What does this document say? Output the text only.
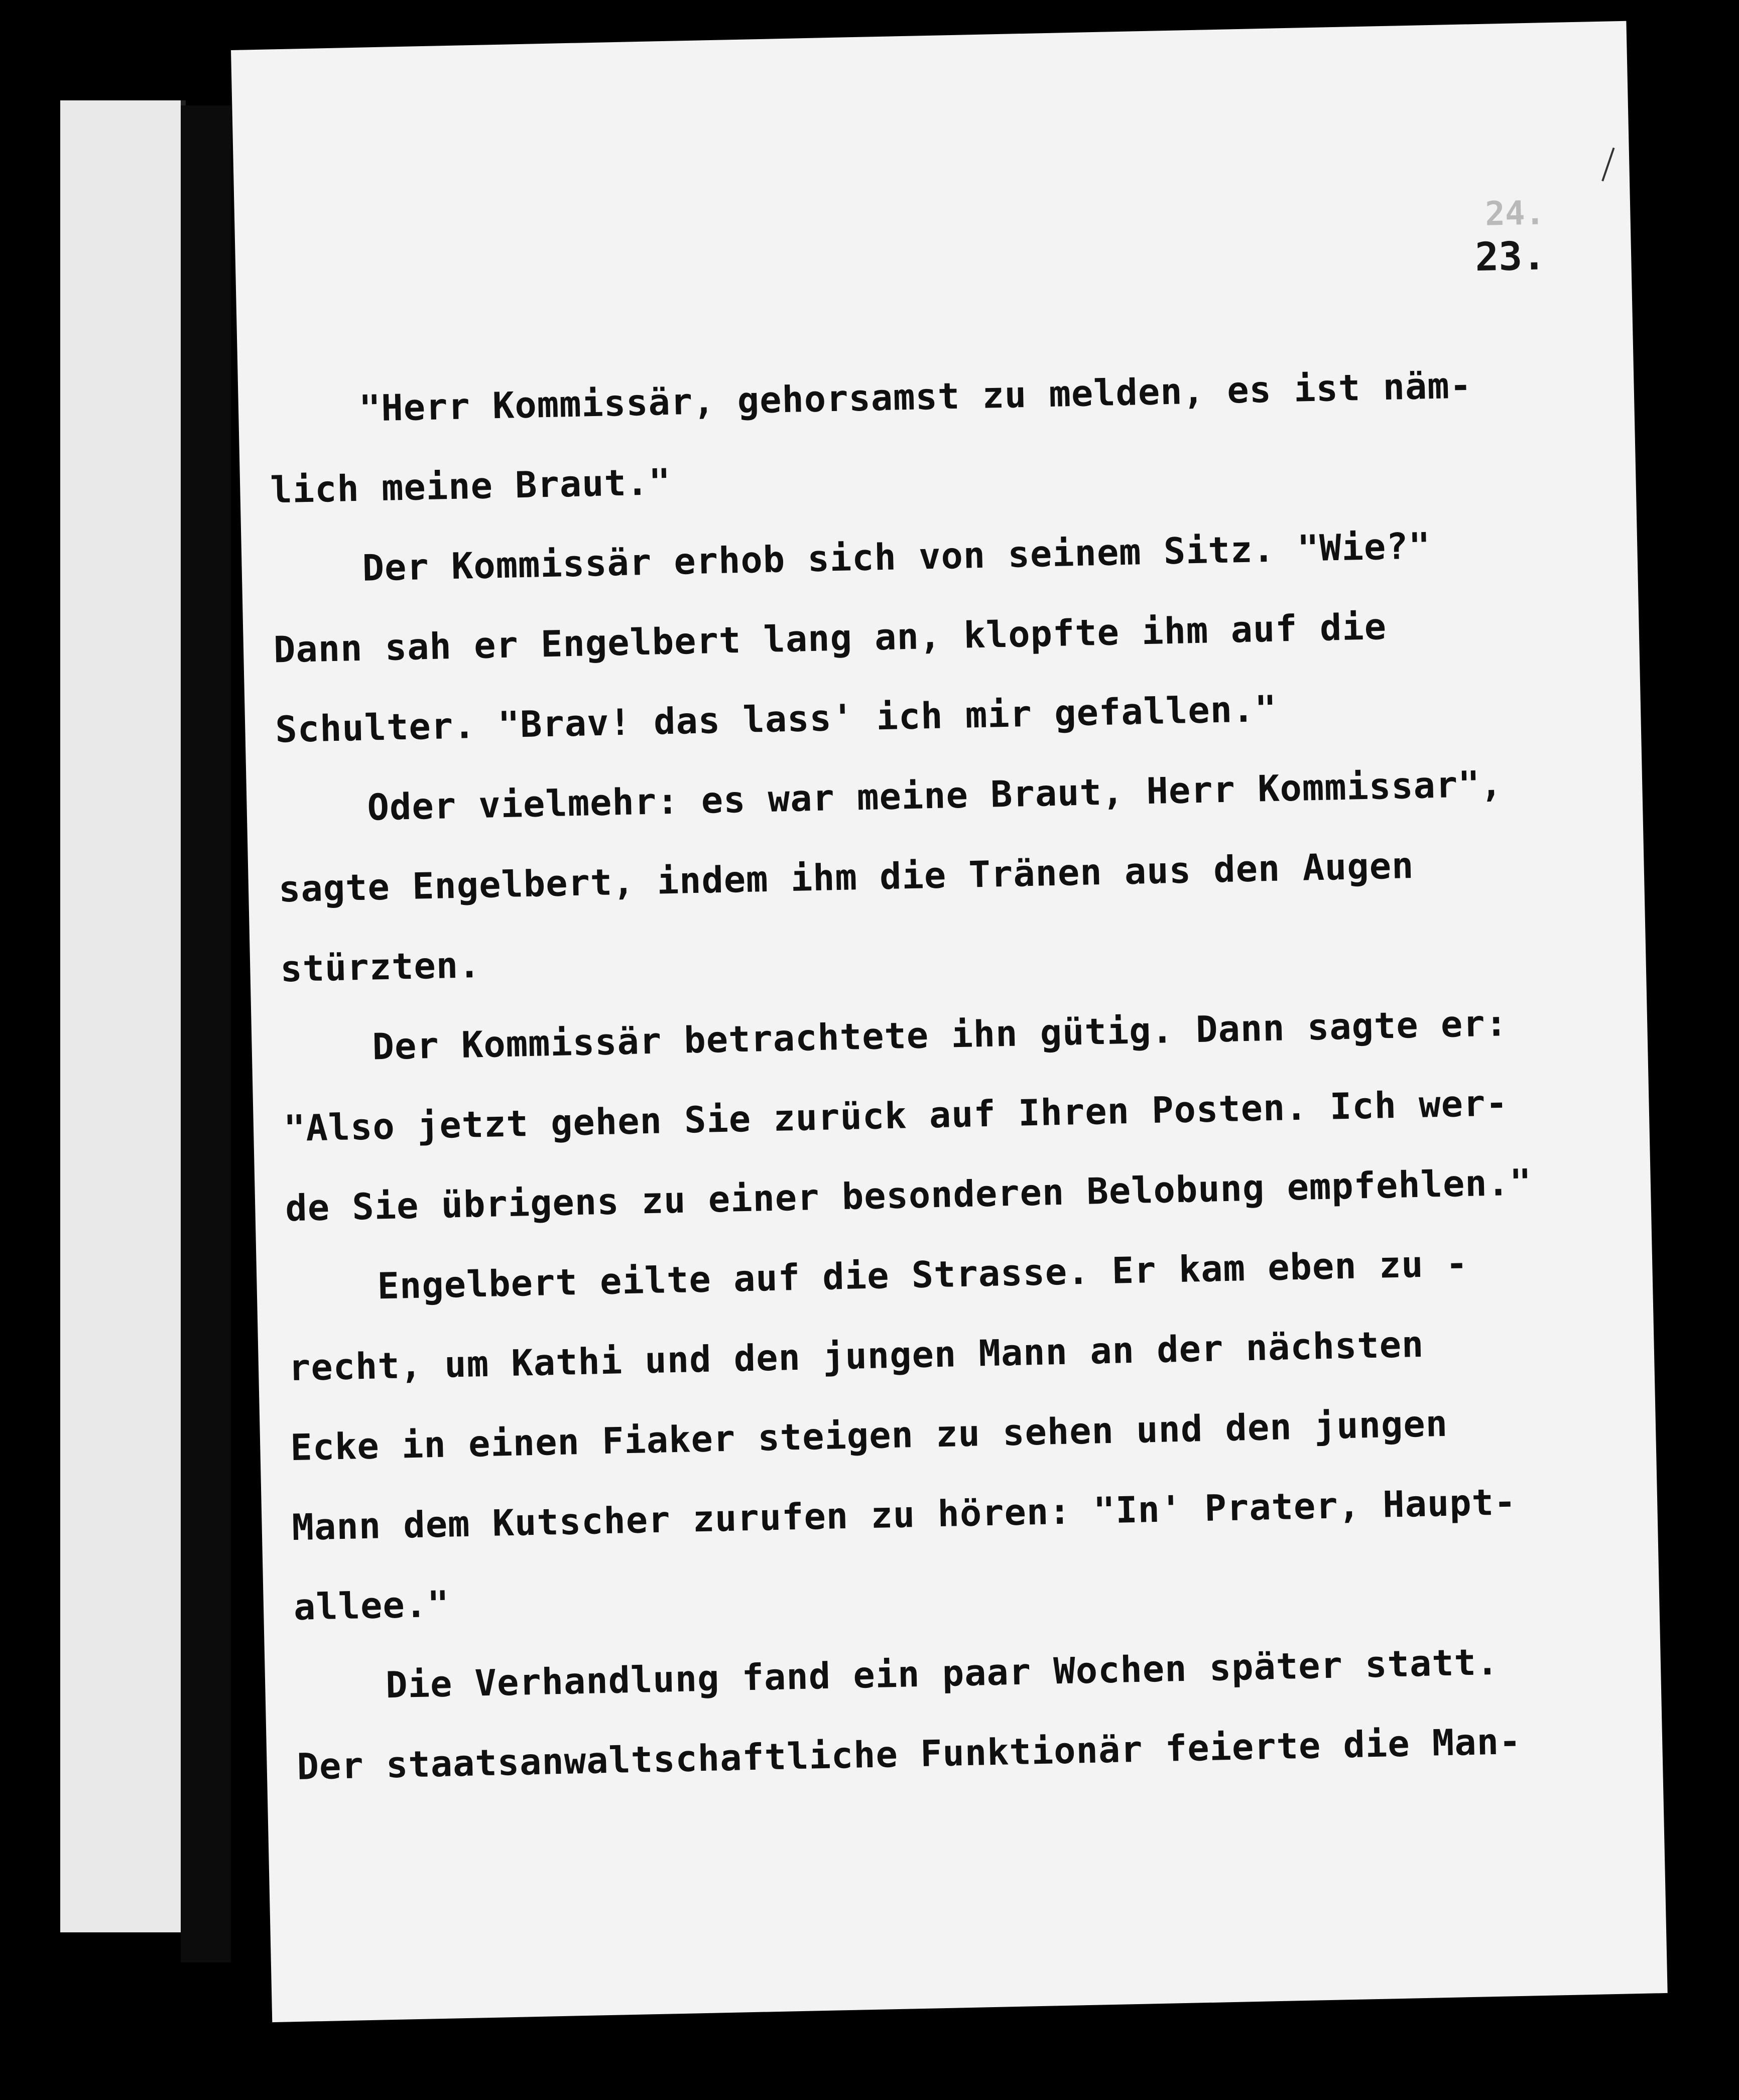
24.
23.
"Herr Kommissär, gehorsamst zu melden, es ist näm-
lich meine Braut."
Der Kommissär erhob sich von seinem Sitz. "Wie?"
Dann sah er Engelbert lang an, klopfte ihm auf die
Schulter. "Brav! das lass' ich mir gefallen."
Oder vielmehr: es war meine Braut, Herr Kommissar",
sagte Engelbert, indem ihm die Tränen aus den Augen
stürzten.
Der Kommissär betrachtete ihn gütig. Dann sagte er:
"Also jetzt gehen Sie zurück auf Ihren Posten. Ich wer-
de Sie übrigens zu einer besonderen Belobung empfehlen."
Engelbert eilte auf die Strasse. Er kam eben zu -
recht, um Kathi und den jungen Mann an der nächsten
Ecke in einen Fiaker steigen zu sehen und den jungen
Mann dem Kutscher zurufen zu hören: "In' Prater, Haupt-
allee."
Die Verhandlung fand ein paar Wochen später statt.
Der staatsanwaltschaftliche Funktionär feierte die Man-
